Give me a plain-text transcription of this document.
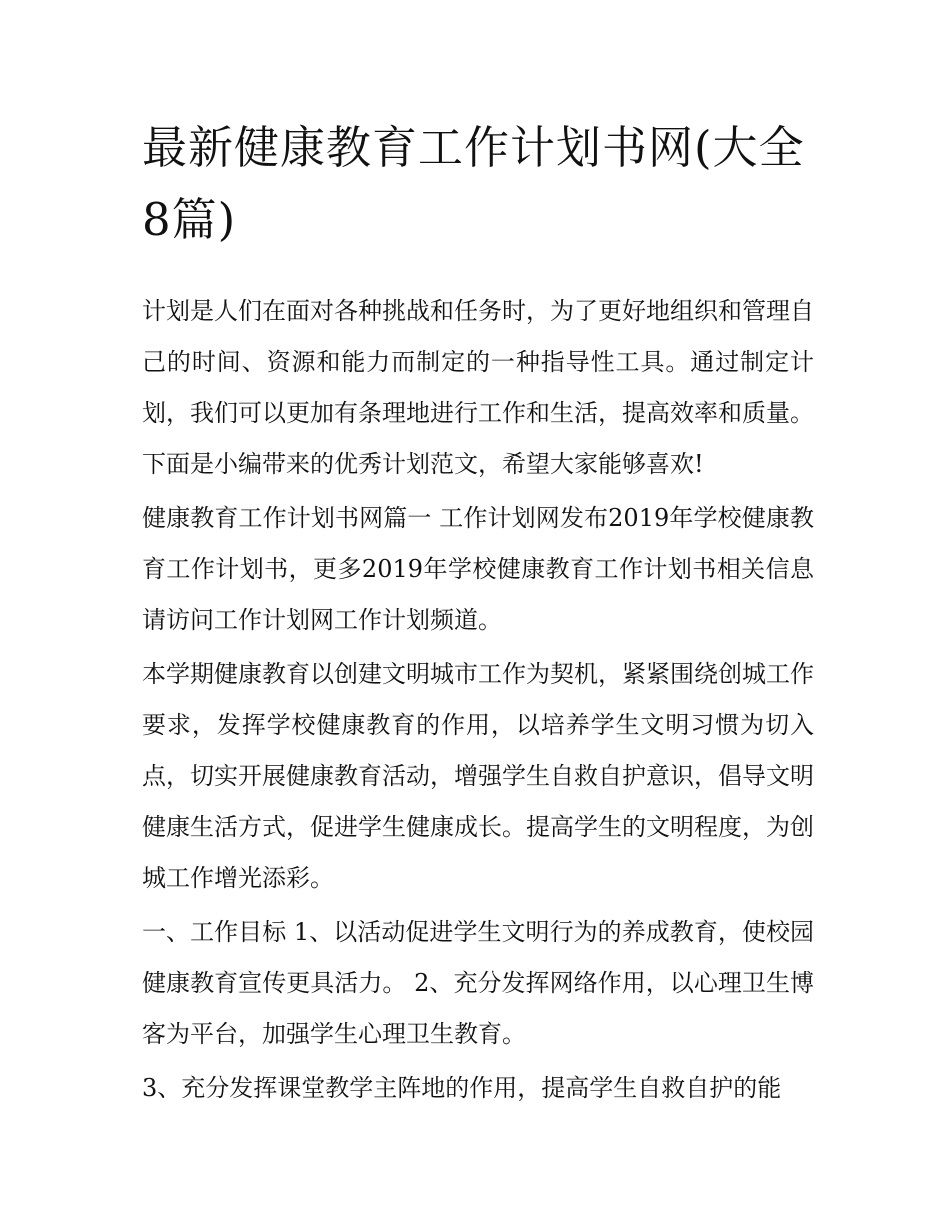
最新健康教育工作计划书网(大全8篇)

计划是人们在面对各种挑战和任务时，为了更好地组织和管理自己的时间、资源和能力而制定的一种指导性工具。通过制定计划，我们可以更加有条理地进行工作和生活，提高效率和质量。下面是小编带来的优秀计划范文，希望大家能够喜欢!

健康教育工作计划书网篇一 工作计划网发布2019年学校健康教育工作计划书，更多2019年学校健康教育工作计划书相关信息请访问工作计划网工作计划频道。

本学期健康教育以创建文明城市工作为契机，紧紧围绕创城工作要求，发挥学校健康教育的作用，以培养学生文明习惯为切入点，切实开展健康教育活动，增强学生自救自护意识，倡导文明健康生活方式，促进学生健康成长。提高学生的文明程度，为创城工作增光添彩。

一、工作目标 1、以活动促进学生文明行为的养成教育，使校园健康教育宣传更具活力。 2、充分发挥网络作用，以心理卫生博客为平台，加强学生心理卫生教育。

3、充分发挥课堂教学主阵地的作用，提高学生自救自护的能
